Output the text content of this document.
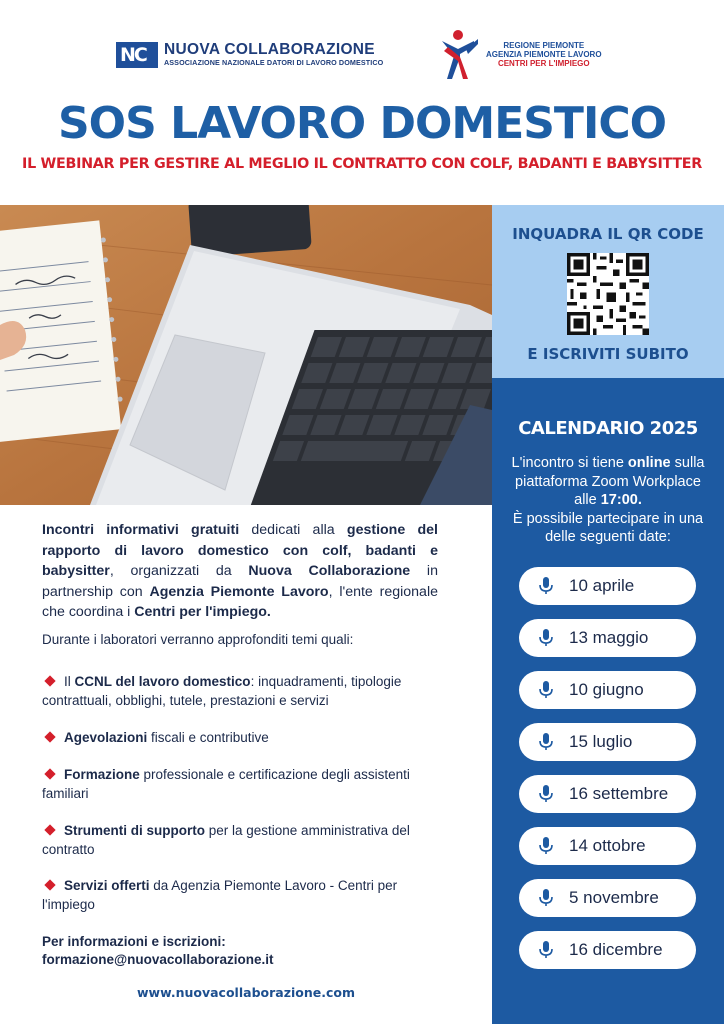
NC NUOVA COLLABORAZIONE
ASSOCIAZIONE NAZIONALE DATORI DI LAVORO DOMESTICO
REGIONE PIEMONTE
AGENZIA PIEMONTE LAVORO
CENTRI PER L'IMPIEGO
SOS LAVORO DOMESTICO
IL WEBINAR PER GESTIRE AL MEGLIO IL CONTRATTO CON COLF, BADANTI E BABYSITTER
INQUADRA IL QR CODE
E ISCRIVITI SUBITO
CALENDARIO 2025
L'incontro si tiene online sulla piattaforma Zoom Workplace alle 17:00.
È possibile partecipare in una delle seguenti date:
10 aprile
13 maggio
10 giugno
15 luglio
16 settembre
14 ottobre
5 novembre
16 dicembre
Incontri informativi gratuiti dedicati alla gestione del rapporto di lavoro domestico con colf, badanti e babysitter, organizzati da Nuova Collaborazione in partnership con Agenzia Piemonte Lavoro, l'ente regionale che coordina i Centri per l'impiego.
Durante i laboratori verranno approfonditi temi quali:
Il CCNL del lavoro domestico: inquadramenti, tipologie contrattuali, obblighi, tutele, prestazioni e servizi
Agevolazioni fiscali e contributive
Formazione professionale e certificazione degli assistenti familiari
Strumenti di supporto per la gestione amministrativa del contratto
Servizi offerti da Agenzia Piemonte Lavoro - Centri per l'impiego
Per informazioni e iscrizioni:
formazione@nuovacollaborazione.it
www.nuovacollaborazione.com
